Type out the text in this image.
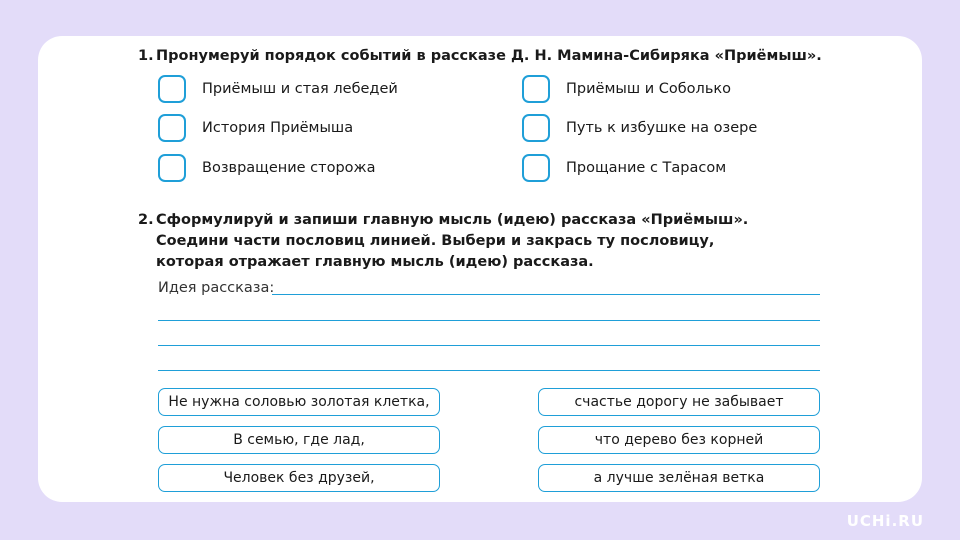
1. Пронумеруй порядок событий в рассказе Д. Н. Мамина-Сибиряка «Приёмыш».
Приёмыш и стая лебедей
История Приёмыша
Возвращение сторожа
Приёмыш и Соболько
Путь к избушке на озере
Прощание с Тарасом
2. Сформулируй и запиши главную мысль (идею) рассказа «Приёмыш».
Соедини части пословиц линией. Выбери и закрась ту пословицу,
которая отражает главную мысль (идею) рассказа.
Идея рассказа:
Не нужна соловью золотая клетка,
В семью, где лад,
Человек без друзей,
счастье дорогу не забывает
что дерево без корней
а лучше зелёная ветка
UCHi.RU
